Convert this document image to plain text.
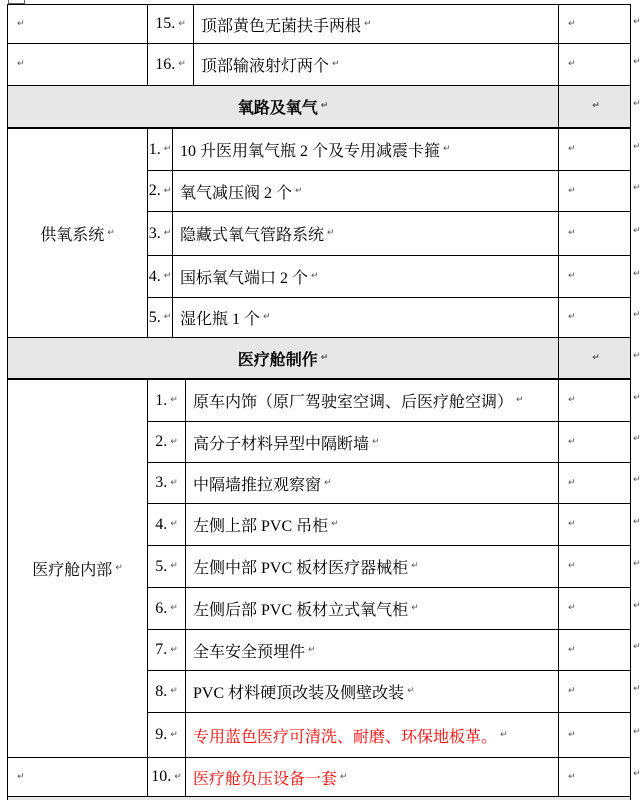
↵	15. ↵ 顶部黄色无菌扶手两根 ↵	↵
↵	16. ↵ 顶部输液射灯两个 ↵	↵
氧路及氧气 ↵	↵
供氧系统 ↵
1. ↵ 10 升医用氧气瓶 2 个及专用减震卡箍 ↵	↵
2. ↵ 氧气减压阀 2 个 ↵	↵
3. ↵ 隐藏式氧气管路系统 ↵	↵
4. ↵ 国标氧气端口 2 个 ↵	↵
5. ↵ 湿化瓶 1 个 ↵	↵
医疗舱制作 ↵	↵
医疗舱内部 ↵
1. ↵ 原车内饰（原厂驾驶室空调、后医疗舱空调） ↵	↵
2. ↵ 高分子材料异型中隔断墙 ↵	↵
3. ↵ 中隔墙推拉观察窗 ↵	↵
4. ↵ 左侧上部 PVC 吊柜 ↵	↵
5. ↵ 左侧中部 PVC 板材医疗器械柜 ↵	↵
6. ↵ 左侧后部 PVC 板材立式氧气柜 ↵	↵
7. ↵ 全车安全预埋件 ↵	↵
8. ↵ PVC 材料硬顶改装及侧壁改装 ↵	↵
9. ↵ 专用蓝色医疗可清洗、耐磨、环保地板革。 ↵	↵
↵	10. ↵ 医疗舱负压设备一套 ↵	↵
↵
↵
↵
↵
↵
↵
↵
↵
↵
↵
↵
↵
↵
↵
↵
↵
↵
↵
↵
